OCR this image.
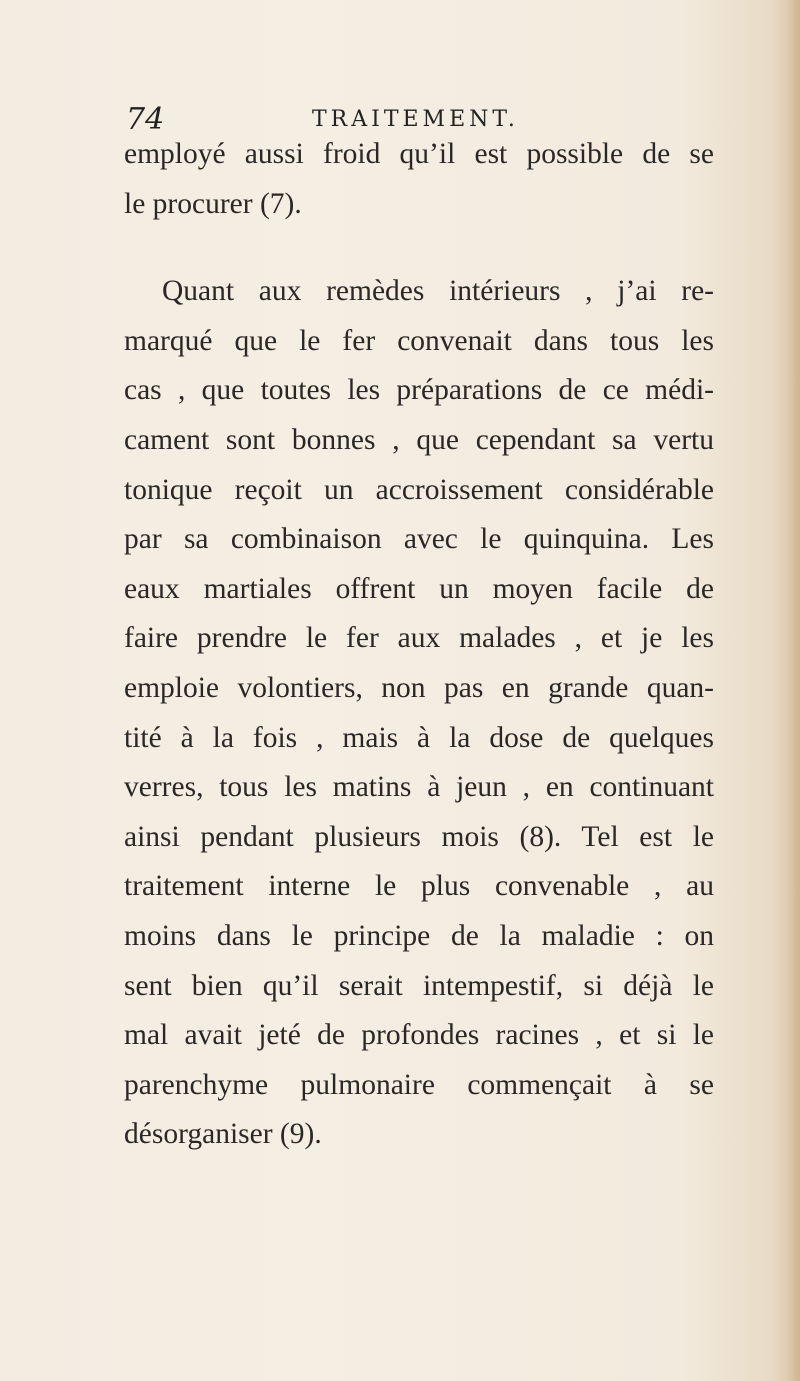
74	TRAITEMENT.
employé aussi froid qu’il est possible de se
le procurer (7).
Quant aux remèdes intérieurs , j’ai re-
marqué que le fer convenait dans tous les
cas , que toutes les préparations de ce médi-
cament sont bonnes , que cependant sa vertu
tonique reçoit un accroissement considérable
par sa combinaison avec le quinquina. Les
eaux martiales offrent un moyen facile de
faire prendre le fer aux malades , et je les
emploie volontiers, non pas en grande quan-
tité à la fois , mais à la dose de quelques
verres, tous les matins à jeun , en continuant
ainsi pendant plusieurs mois (8). Tel est le
traitement interne le plus convenable , au
moins dans le principe de la maladie : on
sent bien qu’il serait intempestif, si déjà le
mal avait jeté de profondes racines , et si le
parenchyme pulmonaire commençait à se
désorganiser (9).
